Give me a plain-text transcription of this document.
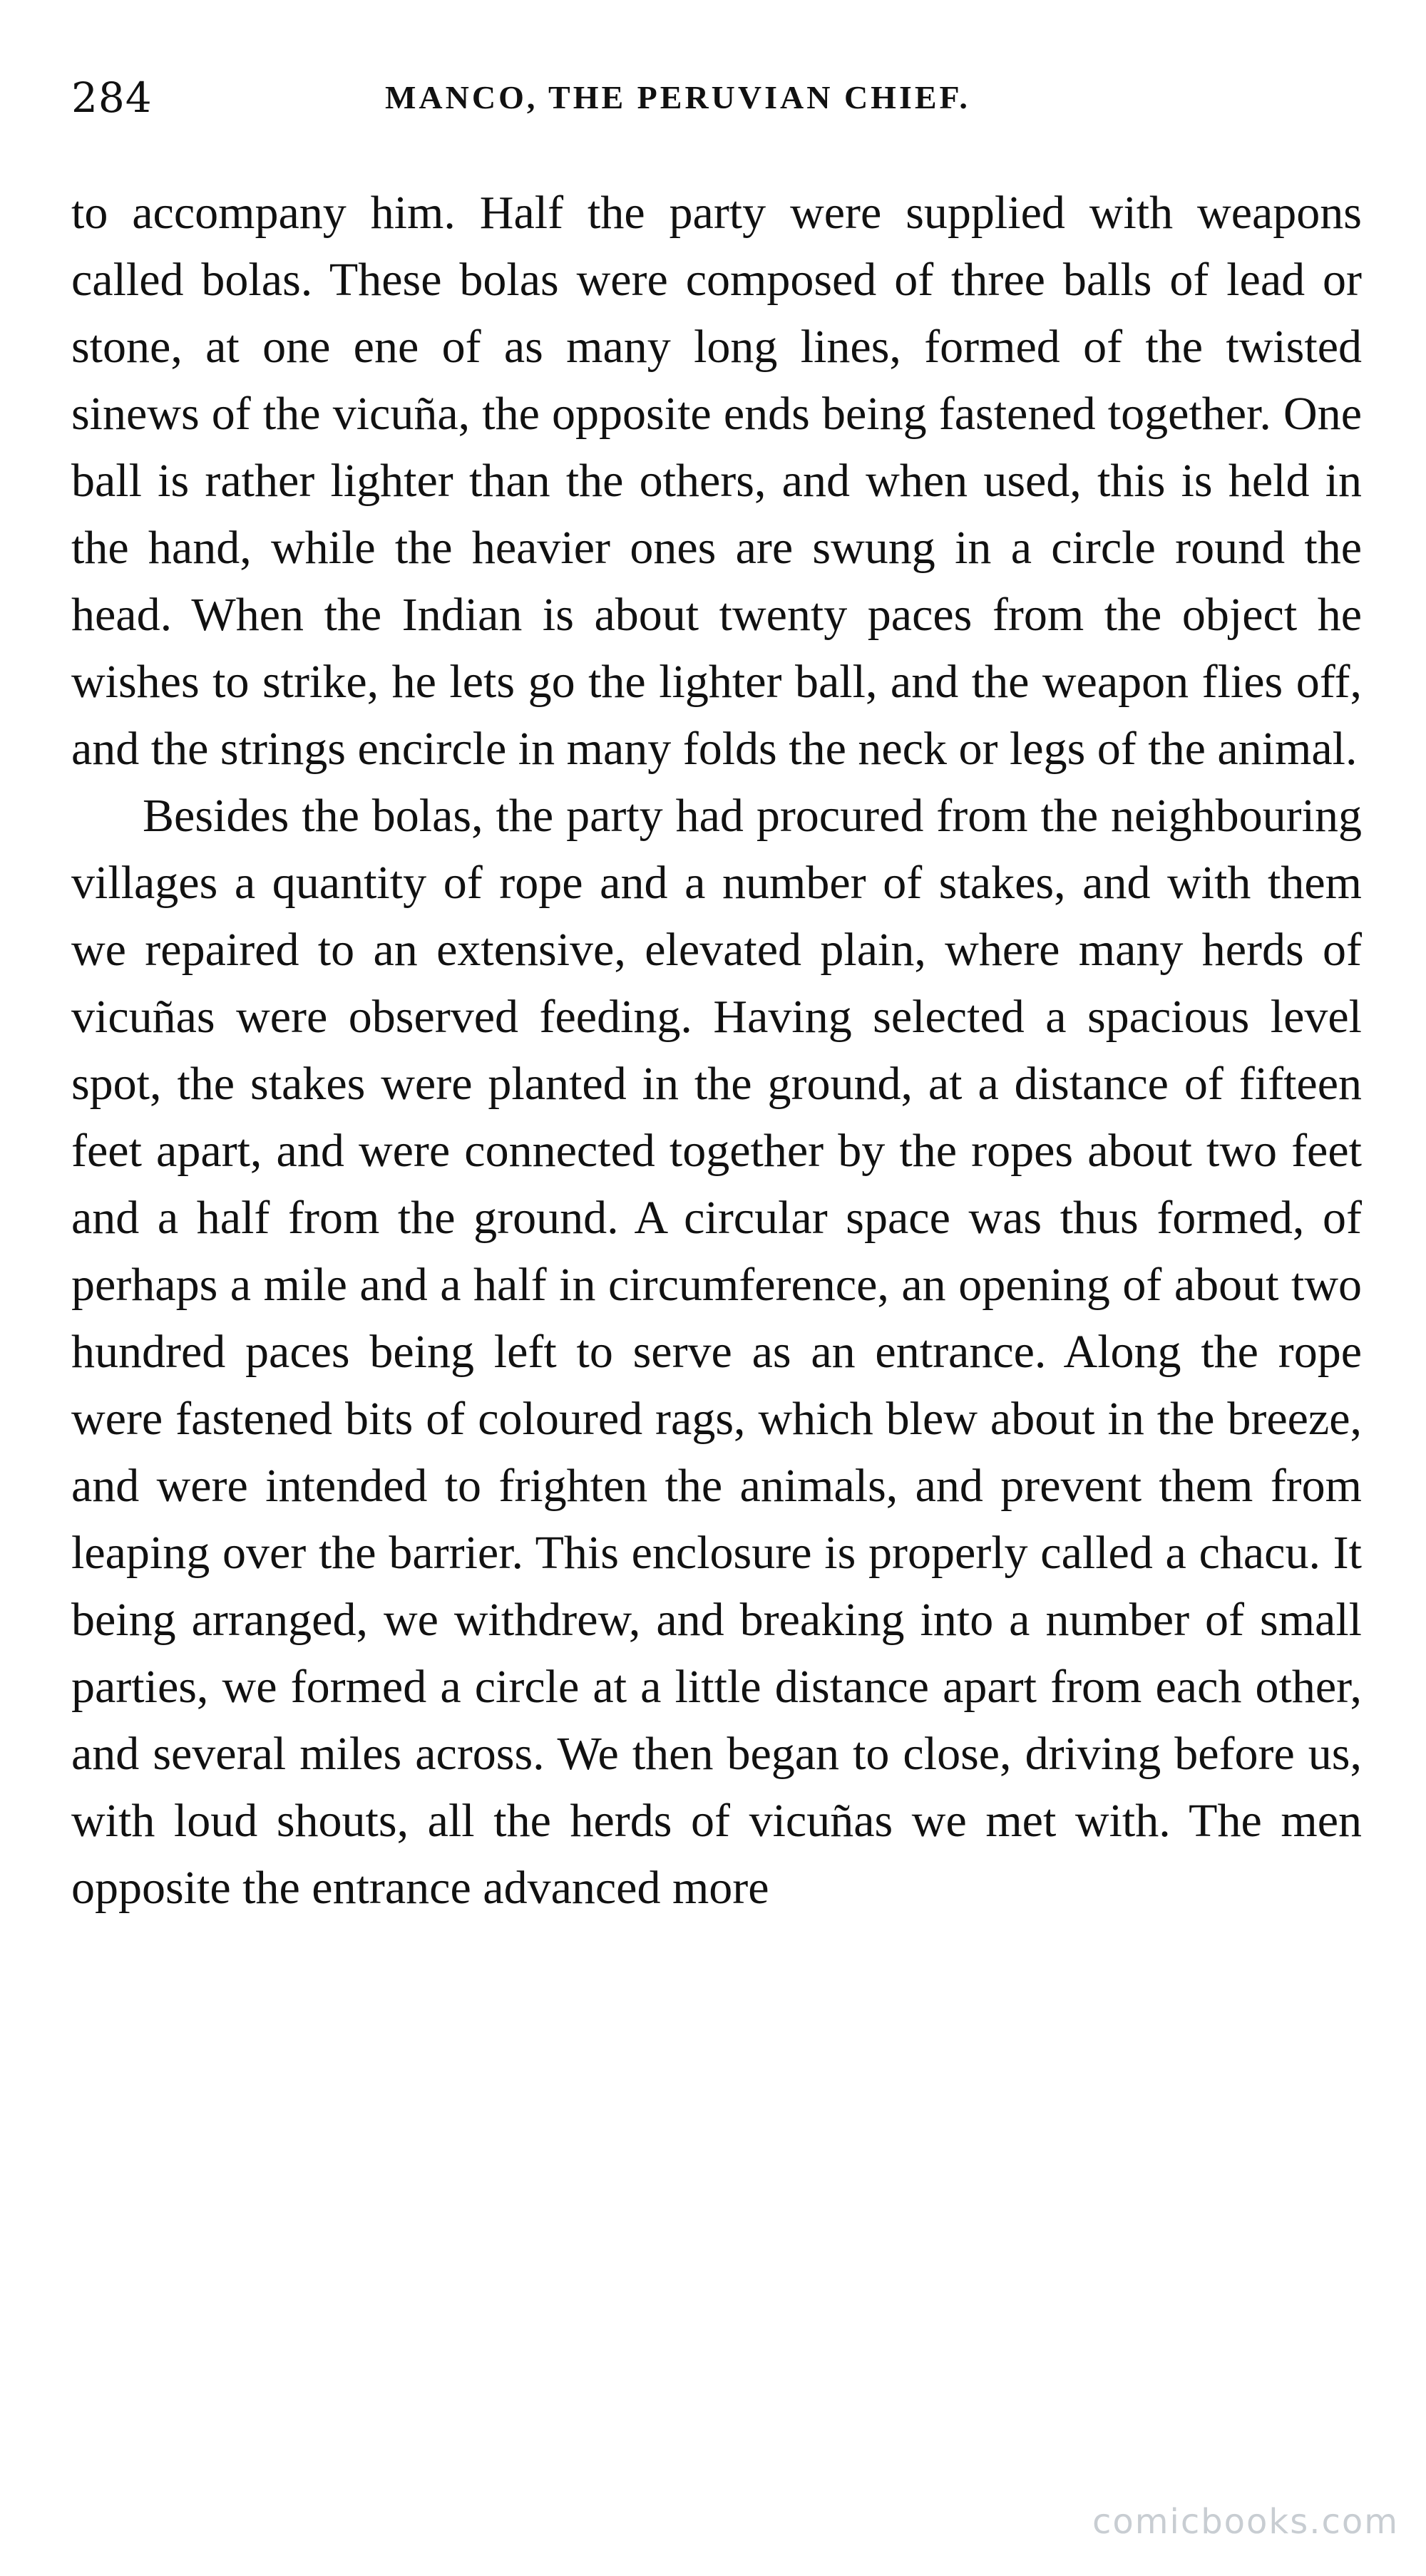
284	MANCO, THE PERUVIAN CHIEF.

to accompany him. Half the party were supplied with weapons called bolas. These bolas were composed of three balls of lead or stone, at one ene of as many long lines, formed of the twisted sinews of the vicuña, the opposite ends being fastened together. One ball is rather lighter than the others, and when used, this is held in the hand, while the heavier ones are swung in a circle round the head. When the Indian is about twenty paces from the object he wishes to strike, he lets go the lighter ball, and the weapon flies off, and the strings encircle in many folds the neck or legs of the animal.

Besides the bolas, the party had procured from the neighbouring villages a quantity of rope and a number of stakes, and with them we repaired to an extensive, elevated plain, where many herds of vicuñas were observed feeding. Having selected a spacious level spot, the stakes were planted in the ground, at a distance of fifteen feet apart, and were connected together by the ropes about two feet and a half from the ground. A circular space was thus formed, of perhaps a mile and a half in circumference, an opening of about two hundred paces being left to serve as an entrance. Along the rope were fastened bits of coloured rags, which blew about in the breeze, and were intended to frighten the animals, and prevent them from leaping over the barrier. This enclosure is properly called a chacu. It being arranged, we withdrew, and breaking into a number of small parties, we formed a circle at a little distance apart from each other, and several miles across. We then began to close, driving before us, with loud shouts, all the herds of vicuñas we met with. The men opposite the entrance advanced more

comicbooks.com
